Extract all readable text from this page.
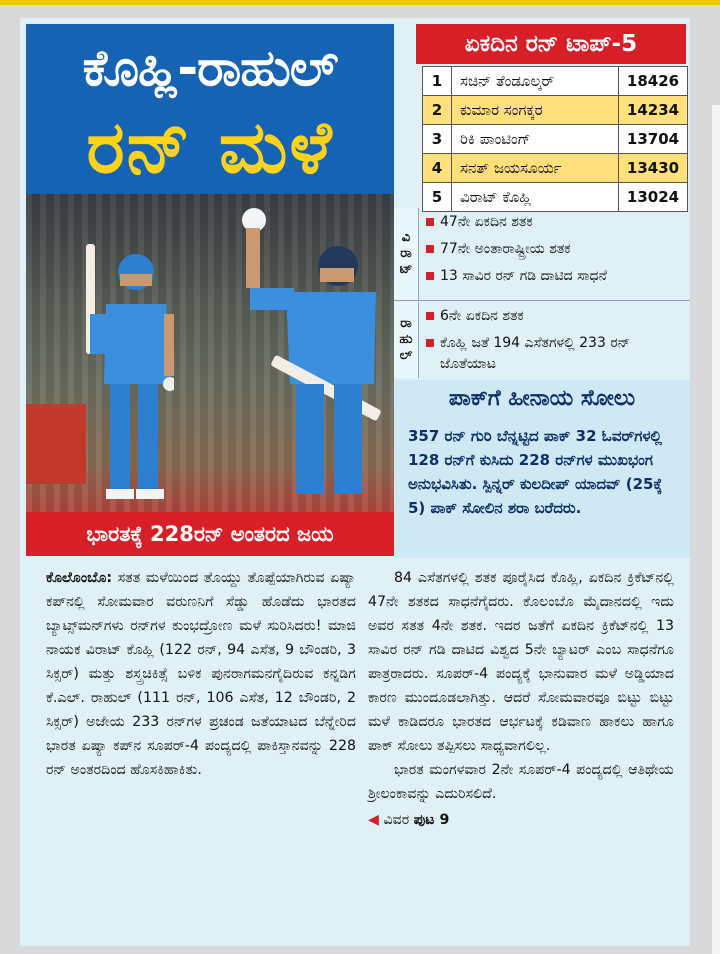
ಕೊಹ್ಲಿ-ರಾಹುಲ್
ರನ್ ಮಳೆ
ಭಾರತಕ್ಕೆ 228ರನ್ ಅಂತರದ ಜಯ
ಏಕದಿನ ರನ್ ಟಾಪ್-5
1	ಸಚಿನ್ ತೆಂಡೂಲ್ಕರ್	18426
2	ಕುಮಾರ ಸಂಗಕ್ಕರ	14234
3	ರಿಕಿ ಪಾಂಟಿಂಗ್	13704
4	ಸನತ್ ಜಯಸೂರ್ಯ	13430
5	ವಿರಾಟ್ ಕೊಹ್ಲಿ	13024
ವಿ
ರಾ
ಟ್
47ನೇ ಏಕದಿನ ಶತಕ
77ನೇ ಅಂತಾರಾಷ್ಟ್ರೀಯ ಶತಕ
13 ಸಾವಿರ ರನ್ ಗಡಿ ದಾಟಿದ ಸಾಧನೆ
ರಾ
ಹು
ಲ್
6ನೇ ಏಕದಿನ ಶತಕ
ಕೊಹ್ಲಿ ಜತೆ 194 ಎಸೆತಗಳಲ್ಲಿ 233 ರನ್ ಜೊತೆಯಾಟ
ಪಾಕ್‌ಗೆ ಹೀನಾಯ ಸೋಲು
357 ರನ್ ಗುರಿ ಬೆನ್ನಟ್ಟಿದ ಪಾಕ್ 32 ಓವರ್‌ಗಳಲ್ಲಿ 128 ರನ್‌ಗೆ ಕುಸಿದು 228 ರನ್‌ಗಳ ಮುಖಭಂಗ ಅನುಭವಿಸಿತು. ಸ್ಪಿನ್ನರ್ ಕುಲದೀಪ್ ಯಾದವ್ (25ಕ್ಕೆ 5) ಪಾಕ್ ಸೋಲಿನ ಶರಾ ಬರೆದರು.

ಕೊಲೊಂಬೊ: ಸತತ ಮಳೆಯಿಂದ ತೊಯ್ದು ತೊಪ್ಪೆಯಾಗಿರುವ ಏಷ್ಯಾ ಕಪ್‌ನಲ್ಲಿ ಸೋಮವಾರ ವರುಣನಿಗೆ ಸೆಡ್ಡು ಹೊಡೆದು ಭಾರತದ ಬ್ಯಾಟ್ಸ್‌ಮನ್‌ಗಳು ರನ್‌ಗಳ ಕುಂಭದ್ರೋಣ ಮಳೆ ಸುರಿಸಿದರು! ಮಾಜಿ ನಾಯಕ ವಿರಾಟ್ ಕೊಹ್ಲಿ (122 ರನ್, 94 ಎಸೆತ, 9 ಬೌಂಡರಿ, 3 ಸಿಕ್ಸರ್) ಮತ್ತು ಶಸ್ತ್ರಚಿಕಿತ್ಸೆ ಬಳಿಕ ಪುನರಾಗಮನಗೈದಿರುವ ಕನ್ನಡಿಗ ಕೆ.ಎಲ್. ರಾಹುಲ್ (111 ರನ್, 106 ಎಸೆತ, 12 ಬೌಂಡರಿ, 2 ಸಿಕ್ಸರ್) ಅಜೇಯ 233 ರನ್‌ಗಳ ಪ್ರಚಂಡ ಜತೆಯಾಟದ ಬೆನ್ನೇರಿದ ಭಾರತ ಏಷ್ಯಾ ಕಪ್‌ನ ಸೂಪರ್-4 ಪಂದ್ಯದಲ್ಲಿ ಪಾಕಿಸ್ತಾನವನ್ನು 228 ರನ್ ಅಂತರದಿಂದ ಹೊಸಕಿಹಾಕಿತು.

84 ಎಸೆತಗಳಲ್ಲಿ ಶತಕ ಪೂರೈಸಿದ ಕೊಹ್ಲಿ, ಏಕದಿನ ಕ್ರಿಕೆಟ್‌ನಲ್ಲಿ 47ನೇ ಶತಕದ ಸಾಧನೆಗೈದರು. ಕೊಲಂಬೊ ಮೈದಾನದಲ್ಲಿ ಇದು ಅವರ ಸತತ 4ನೇ ಶತಕ. ಇದರ ಜತೆಗೆ ಏಕದಿನ ಕ್ರಿಕೆಟ್‌ನಲ್ಲಿ 13 ಸಾವಿರ ರನ್ ಗಡಿ ದಾಟಿದ ವಿಶ್ವದ 5ನೇ ಬ್ಯಾಟರ್ ಎಂಬ ಸಾಧನೆಗೂ ಪಾತ್ರರಾದರು. ಸೂಪರ್-4 ಪಂದ್ಯಕ್ಕೆ ಭಾನುವಾರ ಮಳೆ ಅಡ್ಡಿಯಾದ ಕಾರಣ ಮುಂದೂಡಲಾಗಿತ್ತು. ಆದರೆ ಸೋಮವಾರವೂ ಬಿಟ್ಟು ಬಿಟ್ಟು ಮಳೆ ಕಾಡಿದರೂ ಭಾರತದ ಆರ್ಭಟಕ್ಕೆ ಕಡಿವಾಣ ಹಾಕಲು ಹಾಗೂ ಪಾಕ್ ಸೋಲು ತಪ್ಪಿಸಲು ಸಾಧ್ಯವಾಗಲಿಲ್ಲ.

ಭಾರತ ಮಂಗಳವಾರ 2ನೇ ಸೂಪರ್-4 ಪಂದ್ಯದಲ್ಲಿ ಆತಿಥೇಯ ಶ್ರೀಲಂಕಾವನ್ನು ಎದುರಿಸಲಿದೆ.

◀ ವಿವರ ಪುಟ 9
